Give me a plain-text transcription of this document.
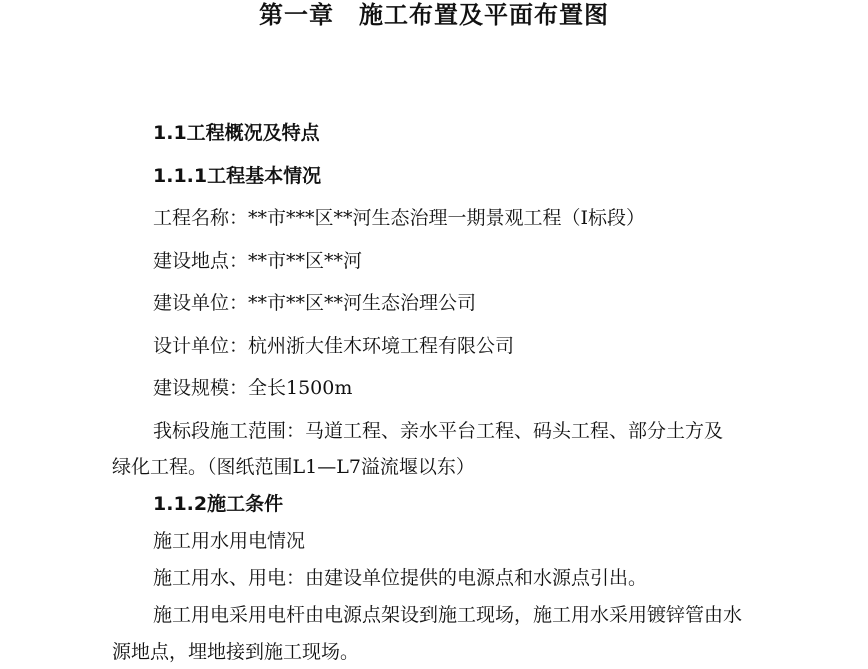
第一章　施工布置及平面布置图
1.1工程概况及特点
1.1.1工程基本情况
工程名称：**市***区**河生态治理一期景观工程（Ⅰ标段）
建设地点：**市**区**河
建设单位：**市**区**河生态治理公司
设计单位：杭州浙大佳木环境工程有限公司
建设规模：全长1500m
我标段施工范围：马道工程、亲水平台工程、码头工程、部分土方及
绿化工程。（图纸范围L1—L7溢流堰以东）
1.1.2施工条件
施工用水用电情况
施工用水、用电：由建设单位提供的电源点和水源点引出。
施工用电采用电杆由电源点架设到施工现场，施工用水采用镀锌管由水
源地点，埋地接到施工现场。
